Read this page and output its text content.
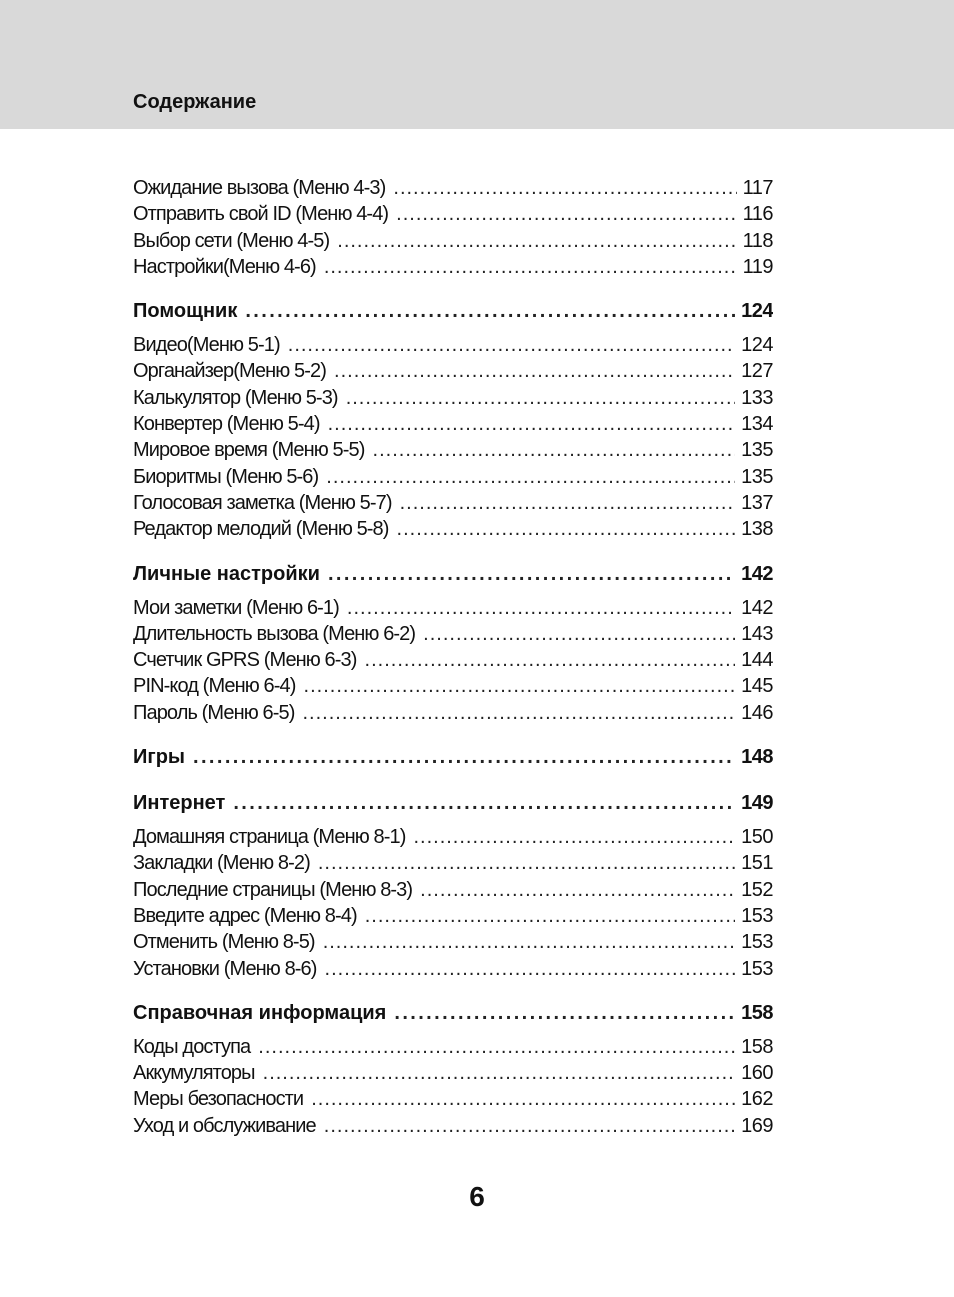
Содержание
Ожидание вызова (Меню 4-3) .....	117
Отправить свой ID (Меню 4-4) .....	116
Выбор сети (Меню 4-5) .....	118
Настройки(Меню 4-6) .....	119
Помощник .....	124
Видео(Меню 5-1) .....	124
Органайзер(Меню 5-2) .....	127
Калькулятор (Меню 5-3) .....	133
Конвертер (Меню 5-4) .....	134
Мировое время (Меню 5-5) .....	135
Биоритмы (Меню 5-6) .....	135
Голосовая заметка (Меню 5-7) .....	137
Редактор мелодий (Меню 5-8) .....	138
Личные настройки .....	142
Мои заметки (Меню 6-1) .....	142
Длительность вызова (Меню 6-2) .....	143
Счетчик GPRS (Меню 6-3) .....	144
PIN-код (Меню 6-4) .....	145
Пароль (Меню 6-5) .....	146
Игры .....	148
Интернет .....	149
Домашняя страница (Меню 8-1) .....	150
Закладки (Меню 8-2) .....	151
Последние страницы (Меню 8-3) .....	152
Введите адрес (Меню 8-4) .....	153
Отменить (Меню 8-5) .....	153
Установки (Меню 8-6) .....	153
Справочная информация .....	158
Коды доступа .....	158
Аккумуляторы .....	160
Меры безопасности .....	162
Уход и обслуживание .....	169
6
